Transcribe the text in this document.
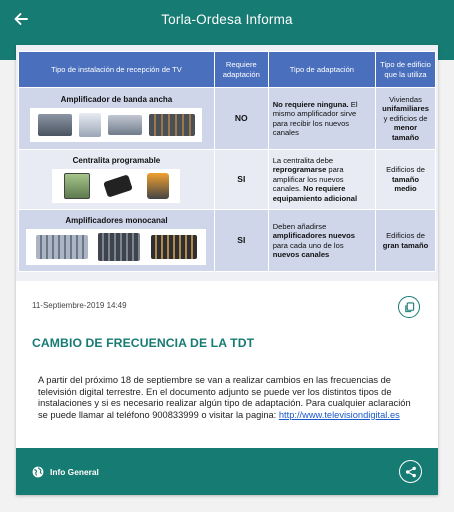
Torla-Ordesa Informa
Tipo de instalación de recepción de TV	Requiere adaptación	Tipo de adaptación	Tipo de edificio que la utiliza

Amplificador de banda ancha	NO	No requiere ninguna. El mismo amplificador sirve para recibir los nuevos canales	Viviendas unifamiliares y edificios de menor tamaño

Centralita programable	SI	La centralita debe reprogramarse para amplificar los nuevos canales. No requiere equipamiento adicional	Edificios de tamaño medio

Amplificadores monocanal	SI	Deben añadirse amplificadores nuevos para cada uno de los nuevos canales	Edificios de gran tamaño
11-Septiembre-2019 14:49
CAMBIO DE FRECUENCIA DE LA TDT
A partir del próximo 18 de septiembre se van a realizar cambios en las frecuencias de televisión digital terrestre. En el documento adjunto se puede ver los distintos tipos de instalaciones y si es necesario realizar algún tipo de adaptación. Para cualquier aclaración se puede llamar al teléfono 900833999 o visitar la pagina: http://www.televisiondigital.es
Info General
